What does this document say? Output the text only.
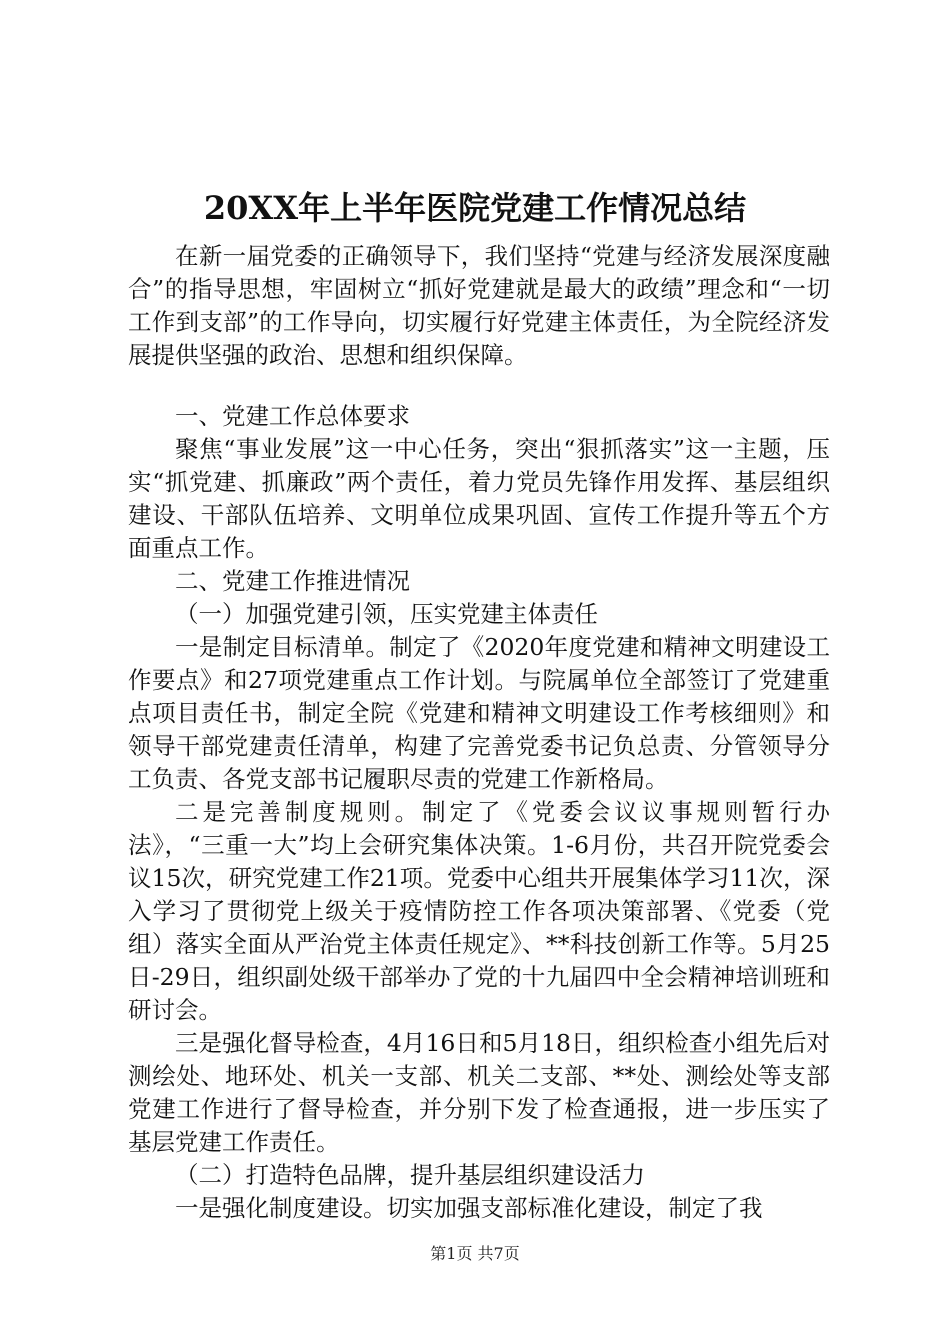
20XX年上半年医院党建工作情况总结

在新一届党委的正确领导下，我们坚持“党建与经济发展深度融合”的指导思想，牢固树立“抓好党建就是最大的政绩”理念和“一切工作到支部”的工作导向，切实履行好党建主体责任，为全院经济发展提供坚强的政治、思想和组织保障。

一、党建工作总体要求

聚焦“事业发展”这一中心任务，突出“狠抓落实”这一主题，压实“抓党建、抓廉政”两个责任，着力党员先锋作用发挥、基层组织建设、干部队伍培养、文明单位成果巩固、宣传工作提升等五个方面重点工作。

二、党建工作推进情况

（一）加强党建引领，压实党建主体责任

一是制定目标清单。制定了《2020年度党建和精神文明建设工作要点》和27项党建重点工作计划。与院属单位全部签订了党建重点项目责任书，制定全院《党建和精神文明建设工作考核细则》和领导干部党建责任清单，构建了完善党委书记负总责、分管领导分工负责、各党支部书记履职尽责的党建工作新格局。

二是完善制度规则。制定了《党委会议议事规则暂行办法》，“三重一大”均上会研究集体决策。1-6月份，共召开院党委会议15次，研究党建工作21项。党委中心组共开展集体学习11次，深入学习了贯彻党上级关于疫情防控工作各项决策部署、《党委（党组）落实全面从严治党主体责任规定》、**科技创新工作等。5月25日-29日，组织副处级干部举办了党的十九届四中全会精神培训班和研讨会。

三是强化督导检查，4月16日和5月18日，组织检查小组先后对测绘处、地环处、机关一支部、机关二支部、**处、测绘处等支部党建工作进行了督导检查，并分别下发了检查通报，进一步压实了基层党建工作责任。

（二）打造特色品牌，提升基层组织建设活力

一是强化制度建设。切实加强支部标准化建设，制定了我

第1页 共7页
